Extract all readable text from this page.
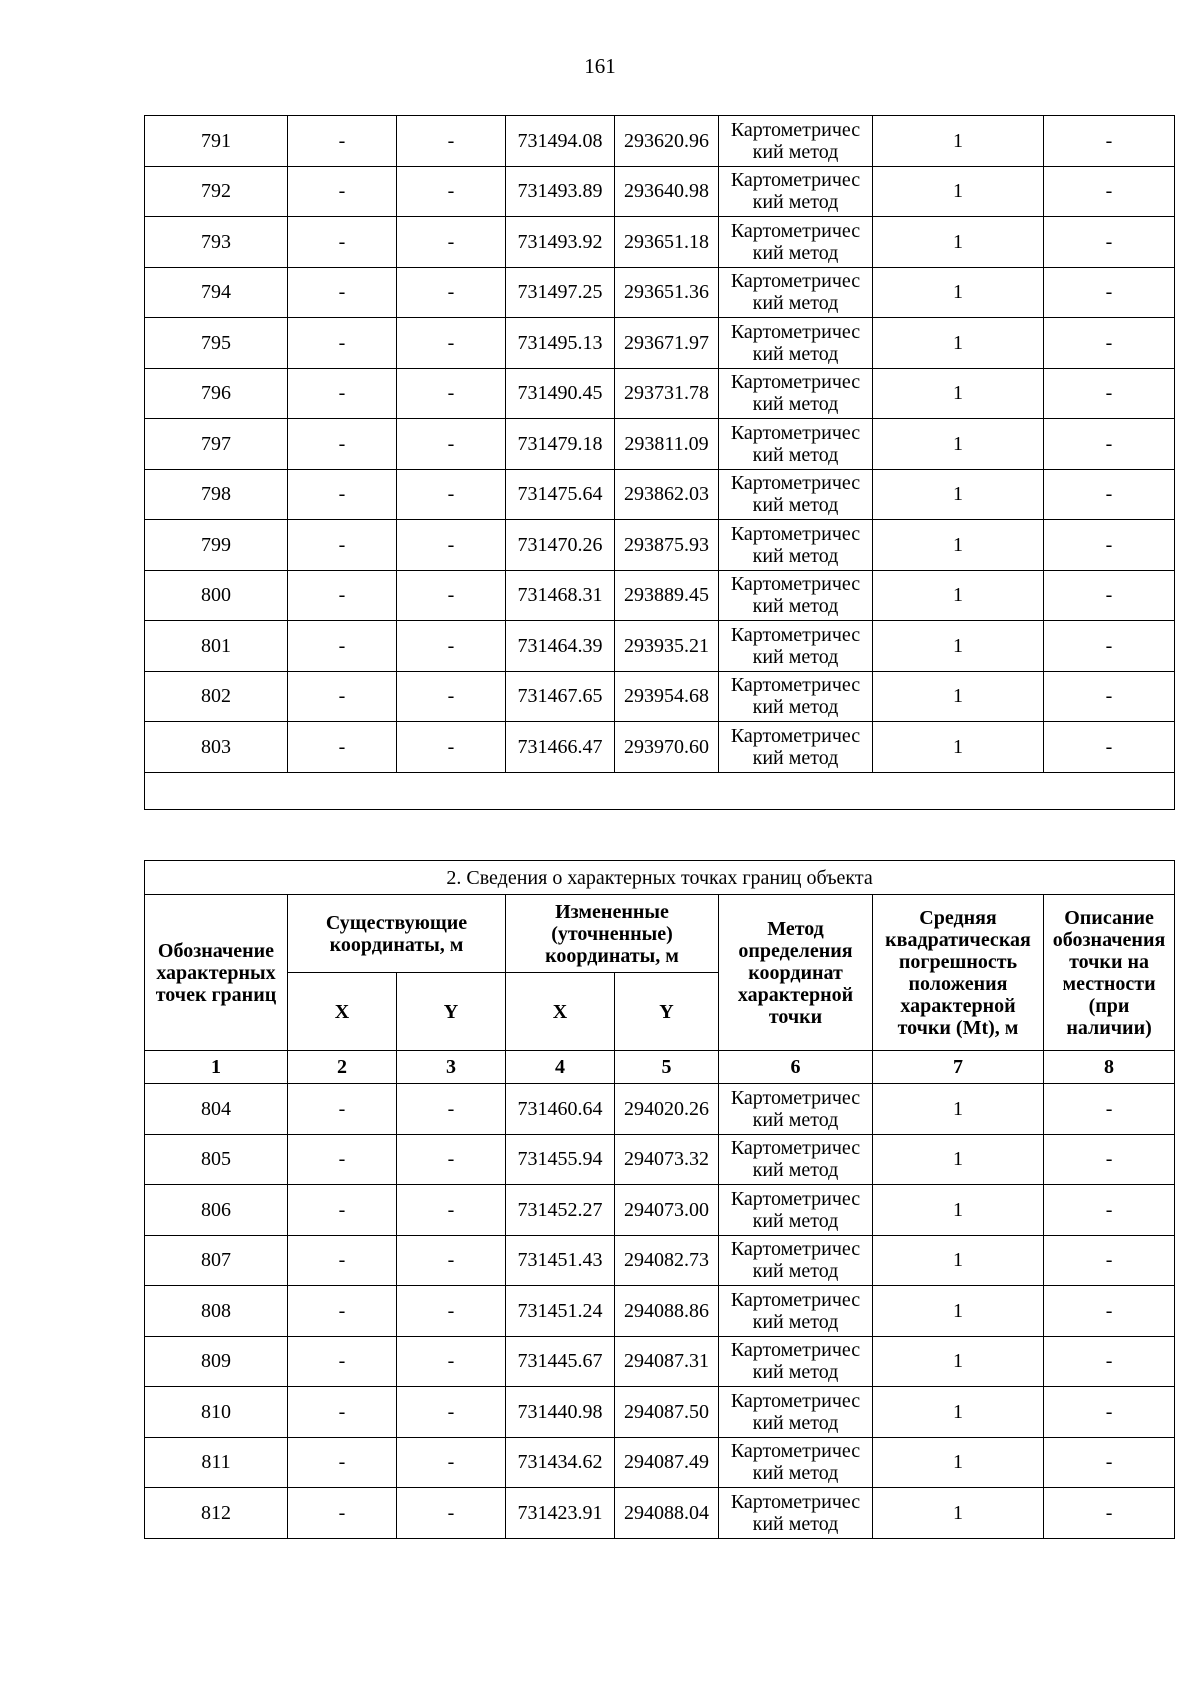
161
791	-	-	731494.08	293620.96	Картометричес кий метод	1	-
792	-	-	731493.89	293640.98	Картометричес кий метод	1	-
793	-	-	731493.92	293651.18	Картометричес кий метод	1	-
794	-	-	731497.25	293651.36	Картометричес кий метод	1	-
795	-	-	731495.13	293671.97	Картометричес кий метод	1	-
796	-	-	731490.45	293731.78	Картометричес кий метод	1	-
797	-	-	731479.18	293811.09	Картометричес кий метод	1	-
798	-	-	731475.64	293862.03	Картометричес кий метод	1	-
799	-	-	731470.26	293875.93	Картометричес кий метод	1	-
800	-	-	731468.31	293889.45	Картометричес кий метод	1	-
801	-	-	731464.39	293935.21	Картометричес кий метод	1	-
802	-	-	731467.65	293954.68	Картометричес кий метод	1	-
803	-	-	731466.47	293970.60	Картометричес кий метод	1	-

2. Сведения о характерных точках границ объекта							
Обозначение характерных точек границ	Существующие координаты, м		Измененные (уточненные) координаты, м		Метод определения координат характерной точки	Средняя квадратическая погрешность положения характерной точки (Mt), м	Описание обозначения точки на местности (при наличии)
	X	Y	X	Y			
1	2	3	4	5	6	7	8
804	-	-	731460.64	294020.26	Картометричес кий метод	1	-
805	-	-	731455.94	294073.32	Картометричес кий метод	1	-
806	-	-	731452.27	294073.00	Картометричес кий метод	1	-
807	-	-	731451.43	294082.73	Картометричес кий метод	1	-
808	-	-	731451.24	294088.86	Картометричес кий метод	1	-
809	-	-	731445.67	294087.31	Картометричес кий метод	1	-
810	-	-	731440.98	294087.50	Картометричес кий метод	1	-
811	-	-	731434.62	294087.49	Картометричес кий метод	1	-
812	-	-	731423.91	294088.04	Картометричес кий метод	1	-
